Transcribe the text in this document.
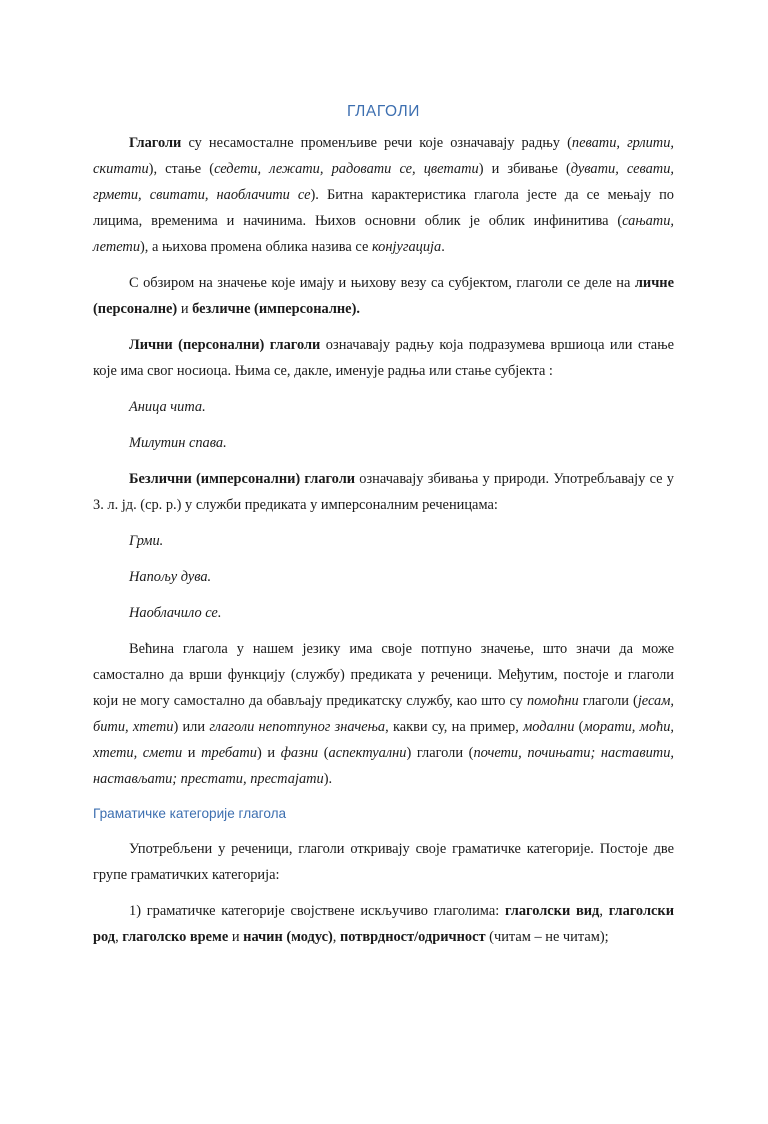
ГЛАГОЛИ

Глаголи су несамосталне променљиве речи које означавају радњу (певати, грлити, скитати), стање (седети, лежати, радовати се, цветати) и збивање (дувати, севати, грмети, свитати, наоблачити се). Битна карактеристика глагола јесте да се мењају по лицима, временима и начинима. Њихов основни облик је облик инфинитива (сањати, летети), а њихова промена облика назива се конјугација.

С обзиром на значење које имају и њихову везу са субјектом, глаголи се деле на личне (персоналне) и безличне (имперсоналне).

Лични (персонални) глаголи означавају радњу која подразумева вршиоца или стање које има свог носиоца. Њима се, дакле, именује радња или стање субјекта :

Аница чита.

Милутин спава.

Безлични (имперсонални) глаголи означавају збивања у природи. Употребљавају се у 3. л. јд. (ср. р.) у служби предиката у имперсоналним реченицама:

Грми.

Напољу дува.

Наоблачило се.

Већина глагола у нашем језику има своје потпуно значење, што значи да може самостално да врши функцију (службу) предиката у реченици. Међутим, постоје и глаголи који не могу самостално да обављају предикатску службу, као што су помоћни глаголи (јесам, бити, хтети) или глаголи непотпуног значења, какви су, на пример, модални (морати, моћи, хтети, смети и требати) и фазни (аспектуални) глаголи (почети, почињати; наставити, настављати; престати, престајати).

Граматичке категорије глагола

Употребљени у реченици, глаголи откривају своје граматичке категорије. Постоје две групе граматичких категорија:

1) граматичке категорије својствене искључиво глаголима: глаголски вид, глаголски род, глаголско време и начин (модус), потврдност/одричност (читам – не читам);
